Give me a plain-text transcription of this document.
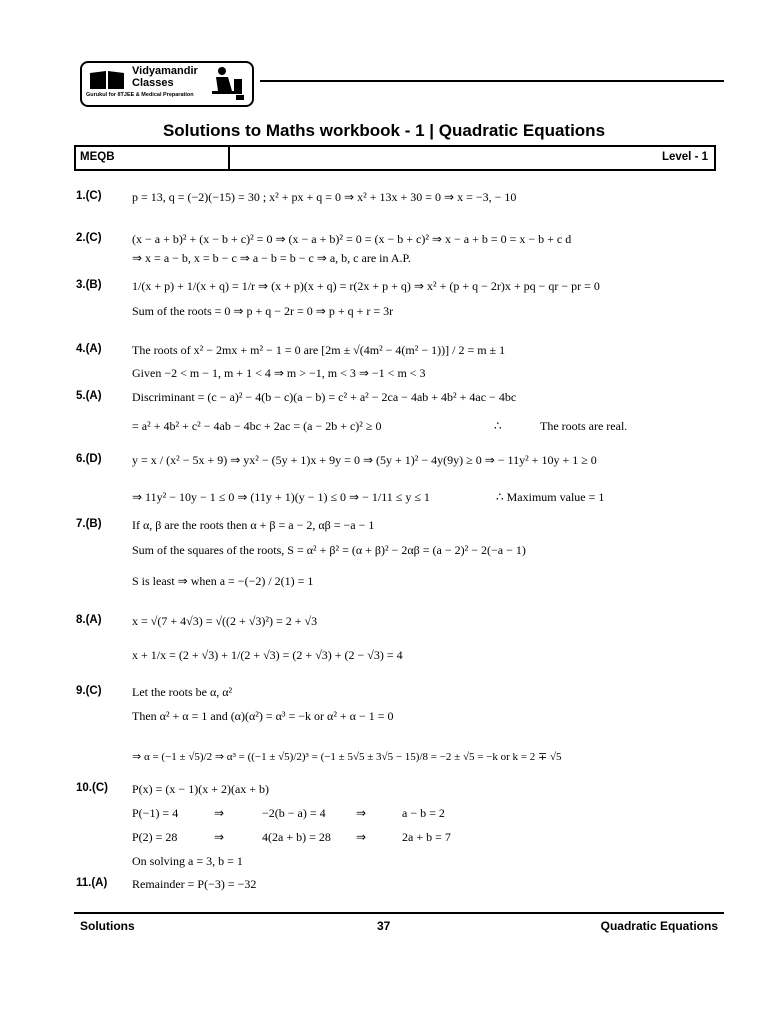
Vidyamandir Classes
Gurukul for IITJEE & Medical Preparation
Solutions to Maths workbook - 1 | Quadratic Equations
MEQB	Level - 1
1.(C)	p = 13, q = (−2)(−15) = 30 ; x² + px + q = 0 ⇒ x² + 13x + 30 = 0 ⇒ x = −3, − 10
2.(C)	(x − a + b)² + (x − b + c)² = 0 ⇒ (x − a + b)² = 0 = (x − b + c)² ⇒ x − a + b = 0 = x − b + c d
⇒ x = a − b, x = b − c ⇒ a − b = b − c ⇒ a, b, c are in A.P.
3.(B)	1/(x + p) + 1/(x + q) = 1/r ⇒ (x + p)(x + q) = r(2x + p + q) ⇒ x² + (p + q − 2r)x + pq − qr − pr = 0
Sum of the roots = 0 ⇒ p + q − 2r = 0 ⇒ p + q + r = 3r
4.(A)	The roots of x² − 2mx + m² − 1 = 0 are [2m ± √(4m² − 4(m² − 1))] / 2 = m ± 1
Given −2 < m − 1, m + 1 < 4 ⇒ m > −1, m < 3 ⇒ −1 < m < 3
5.(A)	Discriminant = (c − a)² − 4(b − c)(a − b) = c² + a² − 2ca − 4ab + 4b² + 4ac − 4bc
= a² + 4b² + c² − 4ab − 4bc + 2ac = (a − 2b + c)² ≥ 0	∴	The roots are real.
6.(D)	y = x / (x² − 5x + 9) ⇒ yx² − (5y + 1)x + 9y = 0 ⇒ (5y + 1)² − 4y(9y) ≥ 0 ⇒ − 11y² + 10y + 1 ≥ 0
⇒ 11y² − 10y − 1 ≤ 0 ⇒ (11y + 1)(y − 1) ≤ 0 ⇒ − 1/11 ≤ y ≤ 1	∴ Maximum value = 1
7.(B)	If α, β are the roots then α + β = a − 2, αβ = −a − 1
Sum of the squares of the roots, S = α² + β² = (α + β)² − 2αβ = (a − 2)² − 2(−a − 1)
S is least ⇒ when a = −(−2) / 2(1) = 1
8.(A)	x = √(7 + 4√3) = √((2 + √3)²) = 2 + √3
x + 1/x = (2 + √3) + 1/(2 + √3) = (2 + √3) + (2 − √3) = 4
9.(C)	Let the roots be α, α²
Then α² + α = 1 and (α)(α²) = α³ = −k or α² + α − 1 = 0
⇒ α = (−1 ± √5)/2 ⇒ α³ = ((−1 ± √5)/2)³ = (−1 ± 5√5 ± 3√5 − 15)/8 = −2 ± √5 = −k or k = 2 ∓ √5
10.(C) P(x) = (x − 1)(x + 2)(ax + b)
P(−1) = 4	⇒	−2(b − a) = 4	⇒	a − b = 2
P(2) = 28	⇒	4(2a + b) = 28 ⇒	2a + b = 7
On solving a = 3, b = 1
11.(A) Remainder = P(−3) = −32
Solutions	37	Quadratic Equations
